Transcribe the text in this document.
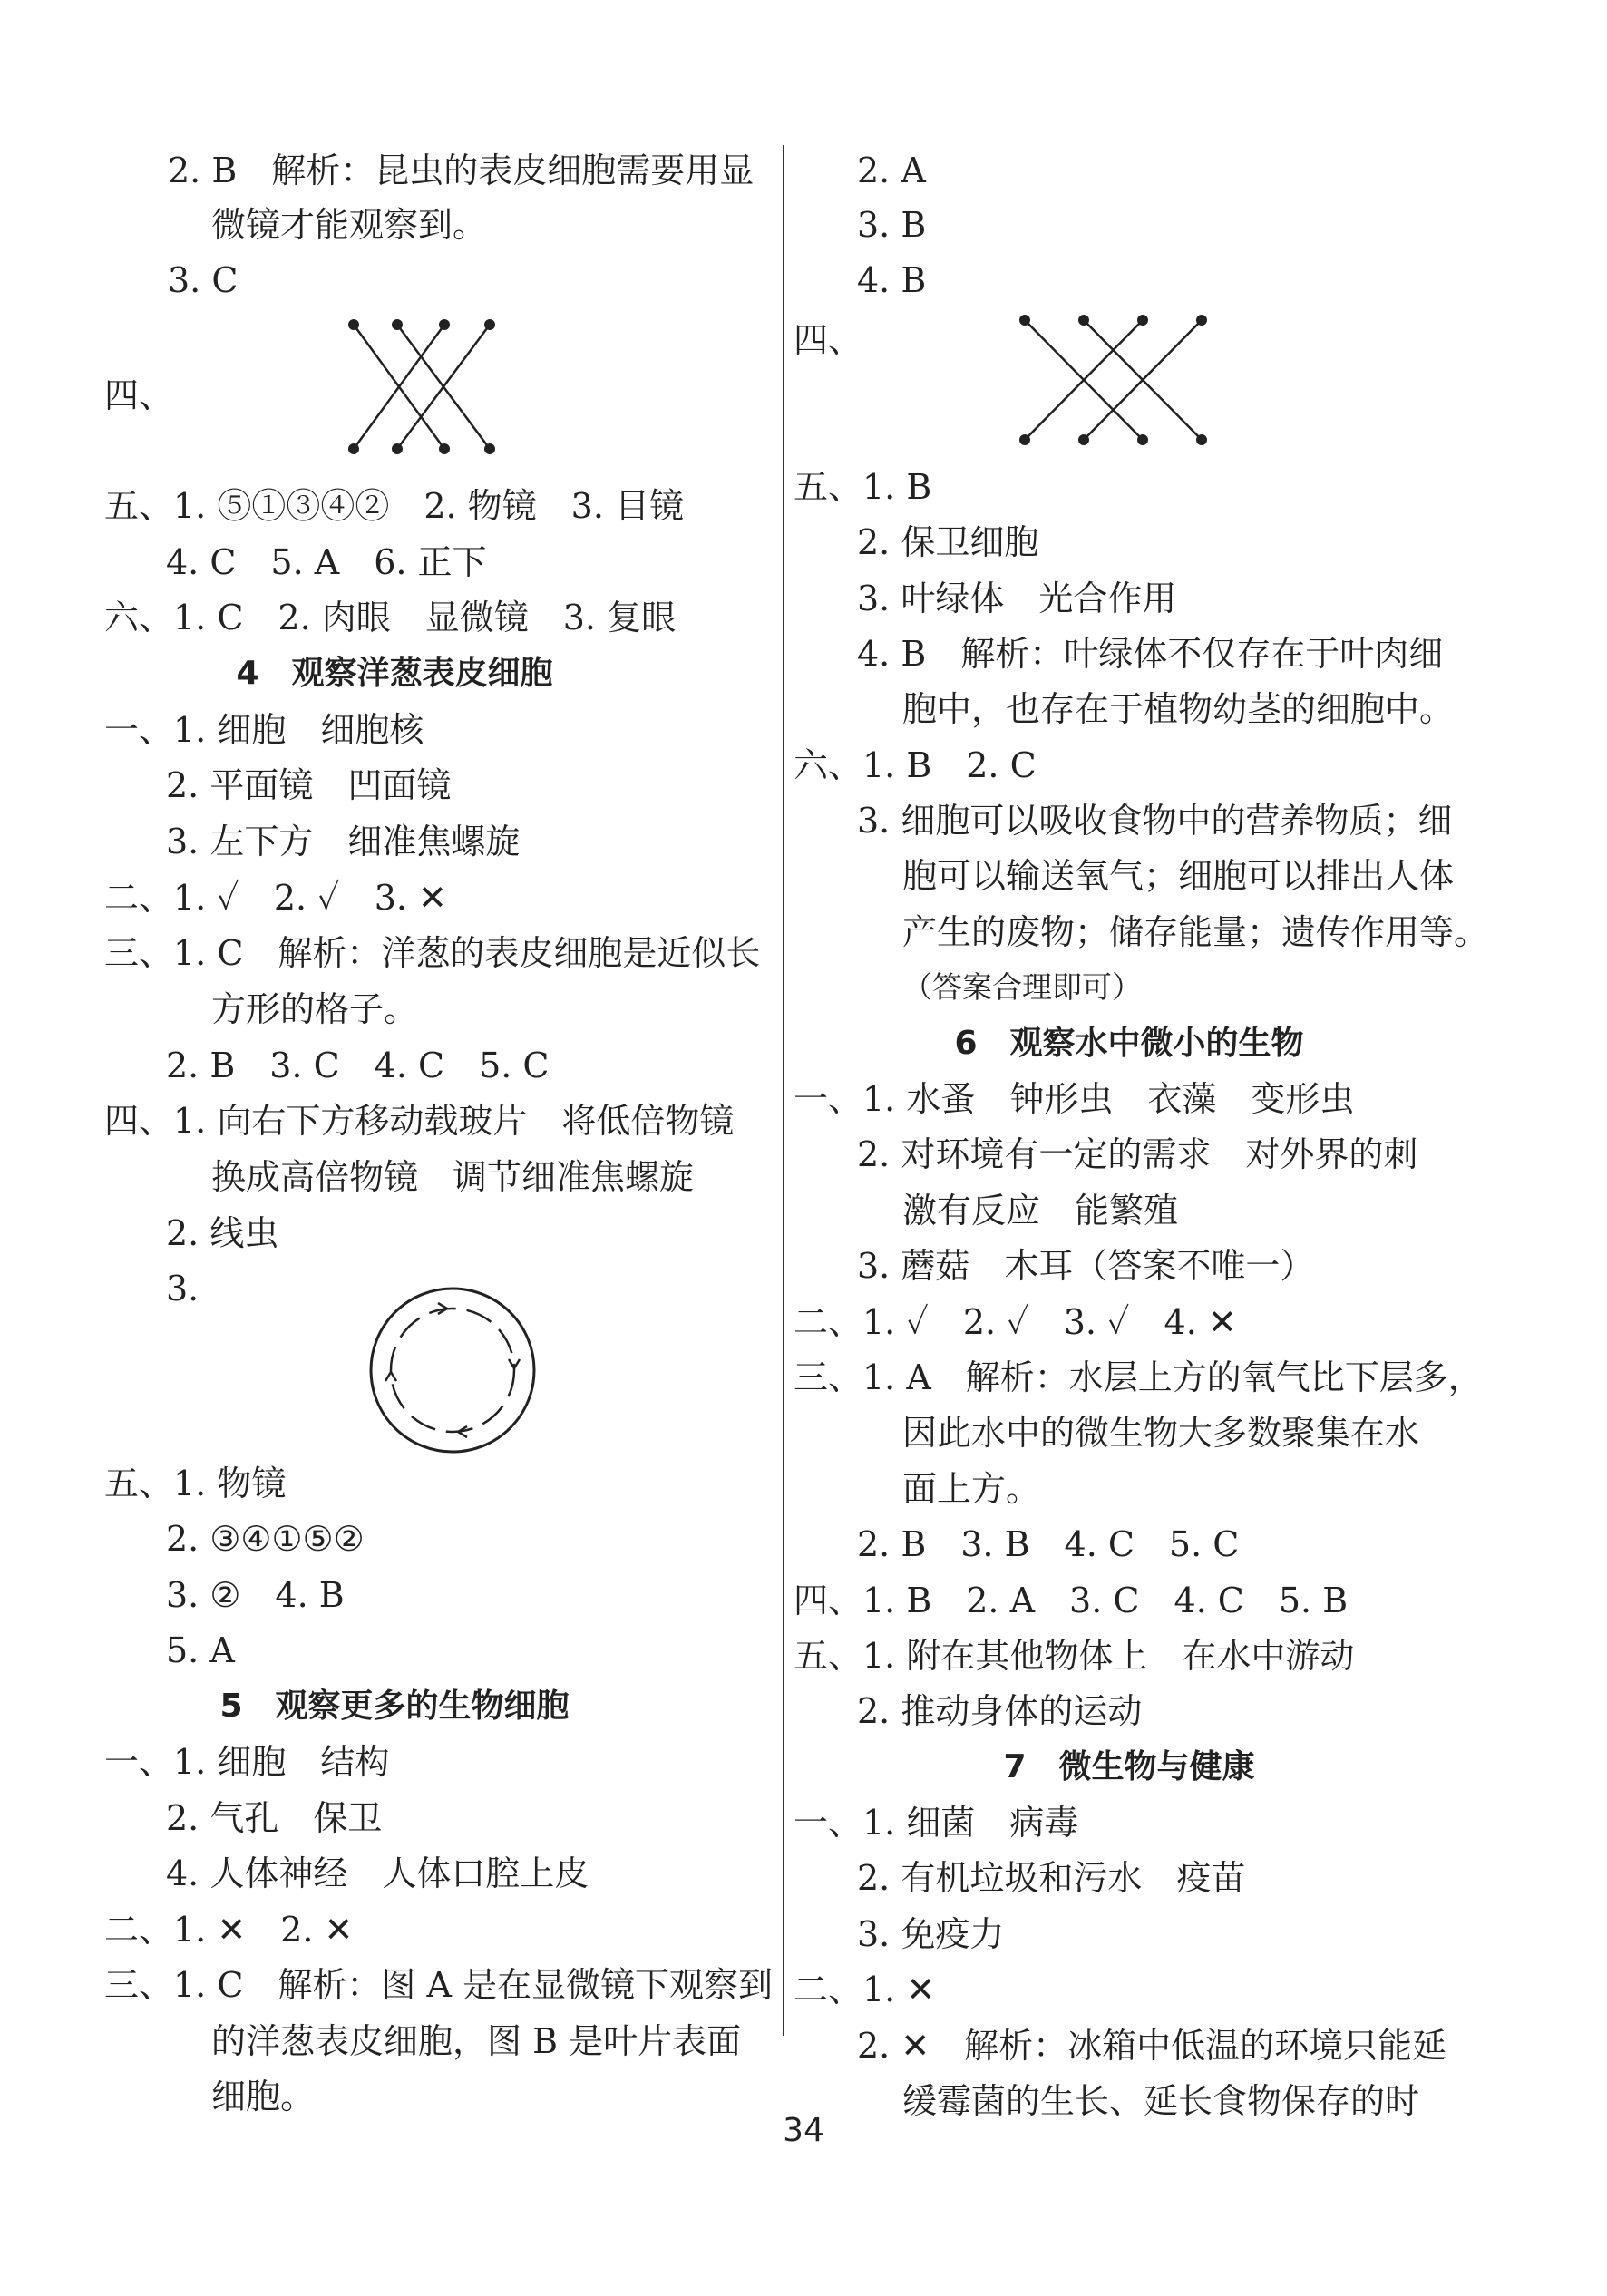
2. B　解析：昆虫的表皮细胞需要用显
微镜才能观察到。
3. C
四、
五、1. ⑤①③④②　2. 物镜　3. 目镜
4. C　5. A　6. 正下
六、1. C　2. 肉眼　显微镜　3. 复眼
4　观察洋葱表皮细胞
一、1. 细胞　细胞核
2. 平面镜　凹面镜
3. 左下方　细准焦螺旋
二、1. ✓　2. ✓　3. ✕
三、1. C　解析：洋葱的表皮细胞是近似长
方形的格子。
2. B　3. C　4. C　5. C
四、1. 向右下方移动载玻片　将低倍物镜
换成高倍物镜　调节细准焦螺旋
2. 线虫
3.
五、1. 物镜
2. ③④①⑤②
3. ②　4. B
5. A
5　观察更多的生物细胞
一、1. 细胞　结构
2. 气孔　保卫
4. 人体神经　人体口腔上皮
二、1. ✕　2. ✕
三、1. C　解析：图 A 是在显微镜下观察到
的洋葱表皮细胞，图 B 是叶片表面
细胞。
2. A
3. B
4. B
四、
五、1. B
2. 保卫细胞
3. 叶绿体　光合作用
4. B　解析：叶绿体不仅存在于叶肉细
胞中，也存在于植物幼茎的细胞中。
六、1. B　2. C
3. 细胞可以吸收食物中的营养物质；细
胞可以输送氧气；细胞可以排出人体
产生的废物；储存能量；遗传作用等。
（答案合理即可）
6　观察水中微小的生物
一、1. 水蚤　钟形虫　衣藻　变形虫
2. 对环境有一定的需求　对外界的刺
激有反应　能繁殖
3. 蘑菇　木耳（答案不唯一）
二、1. ✓　2. ✓　3. ✓　4. ✕
三、1. A　解析：水层上方的氧气比下层多，
因此水中的微生物大多数聚集在水
面上方。
2. B　3. B　4. C　5. C
四、1. B　2. A　3. C　4. C　5. B
五、1. 附在其他物体上　在水中游动
2. 推动身体的运动
7　微生物与健康
一、1. 细菌　病毒
2. 有机垃圾和污水　疫苗
3. 免疫力
二、1. ✕
2. ✕　解析：冰箱中低温的环境只能延
缓霉菌的生长、延长食物保存的时
34
